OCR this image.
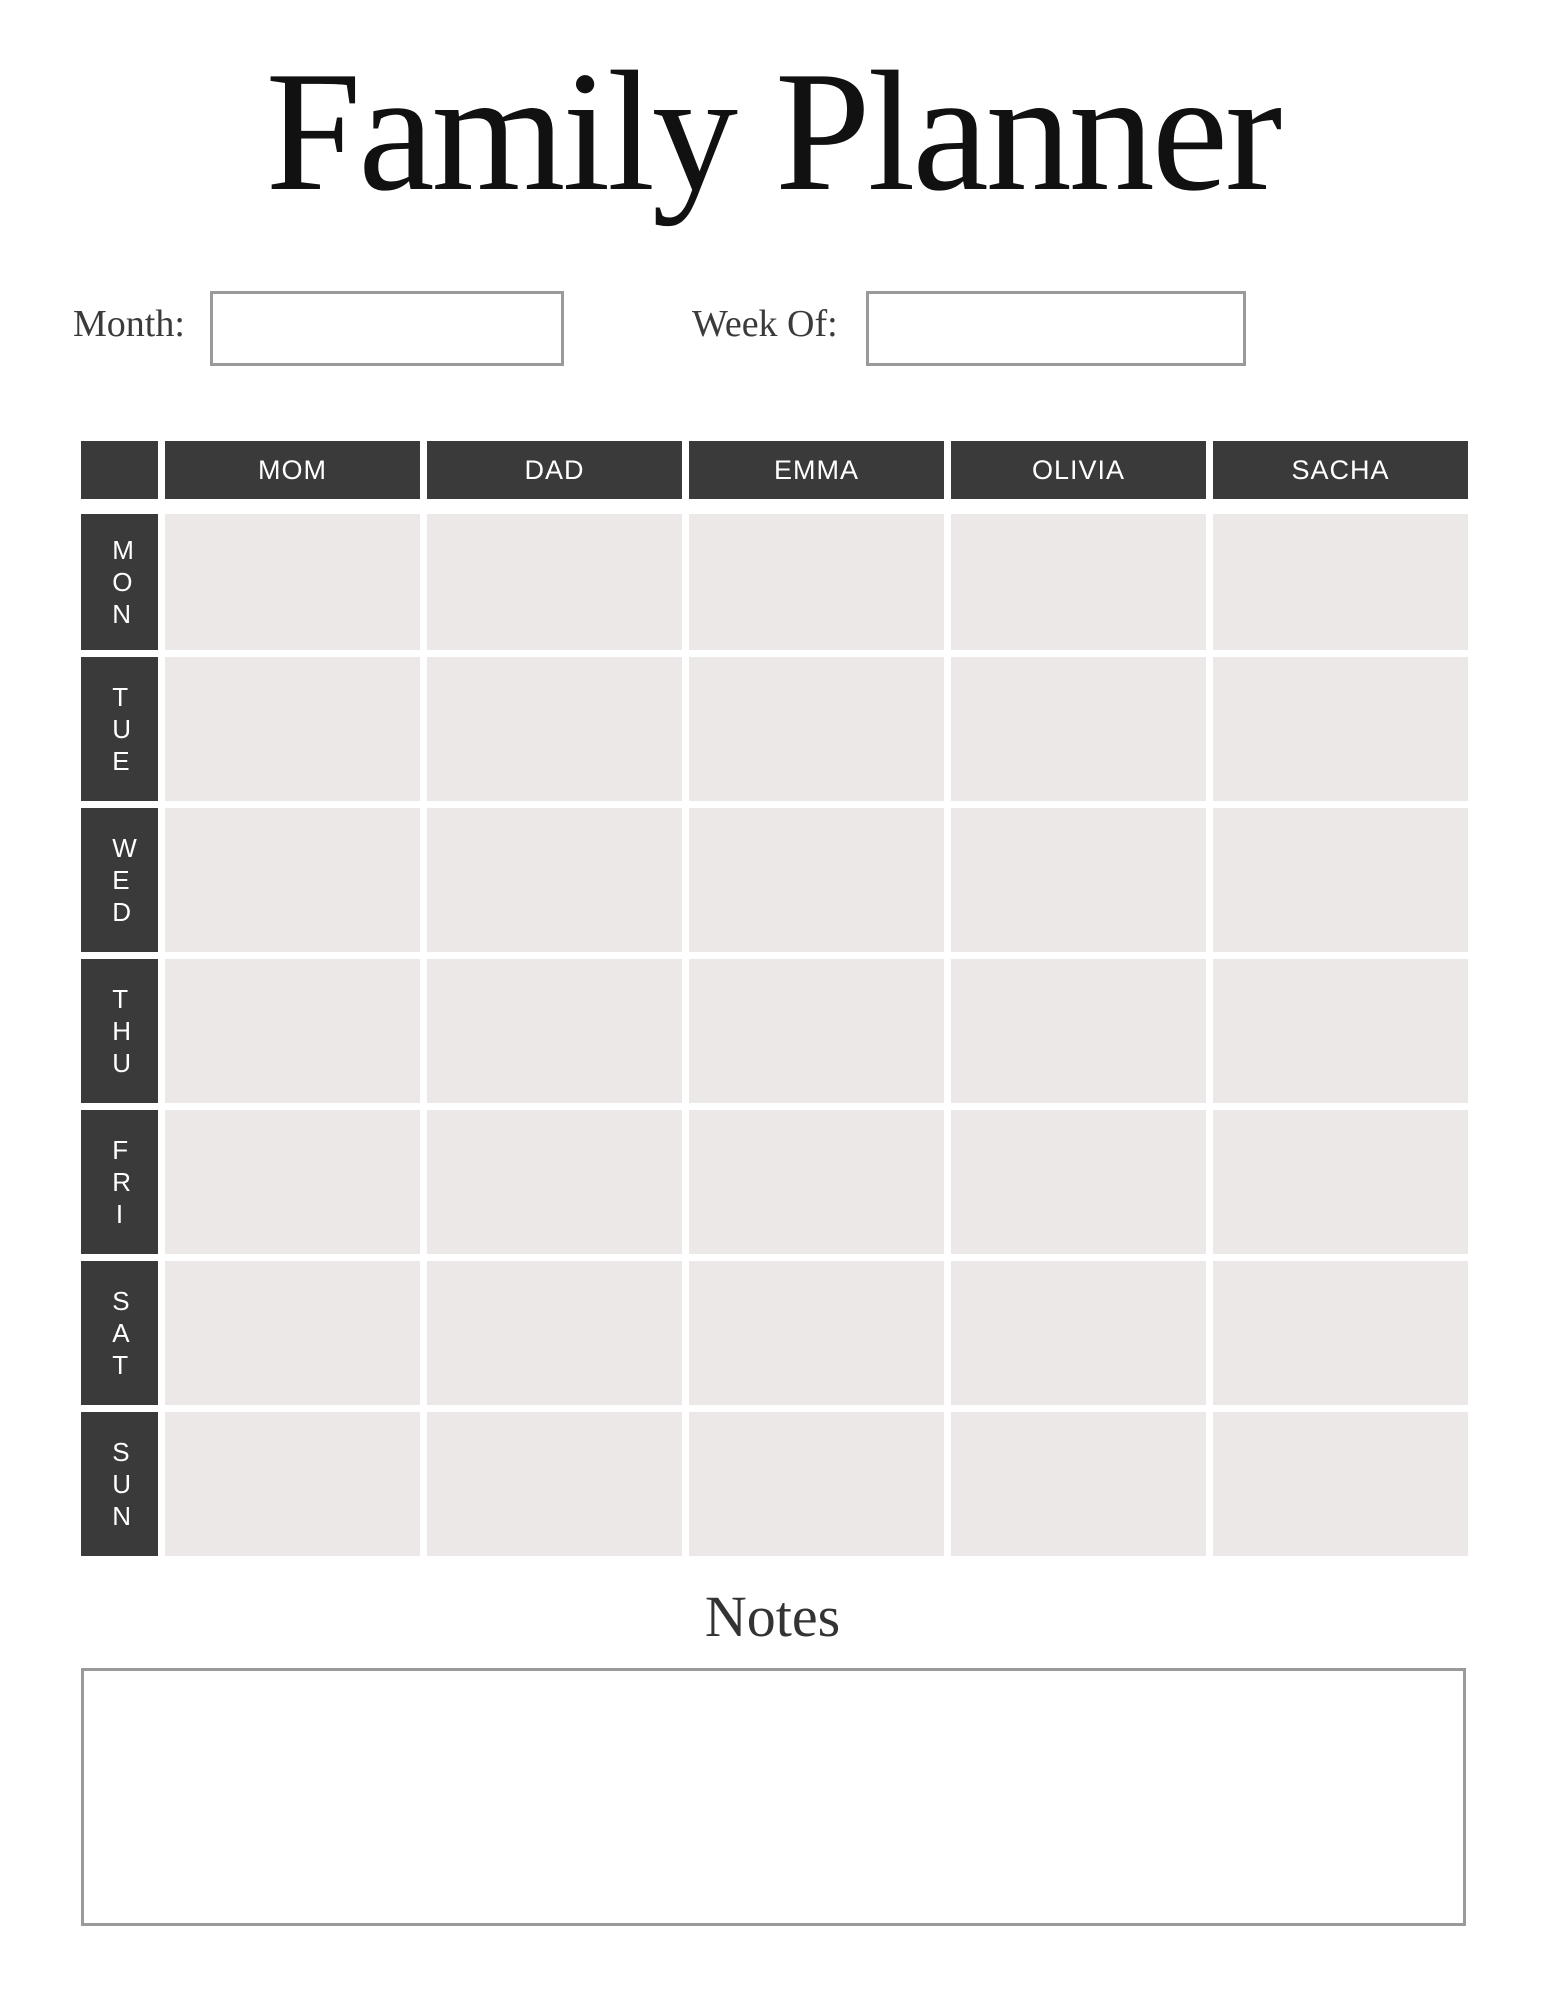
Family Planner
Month:	Week Of:
MOM	DAD	EMMA	OLIVIA	SACHA
MON
TUE
WED
THU
FRI
SAT
SUN
Notes
